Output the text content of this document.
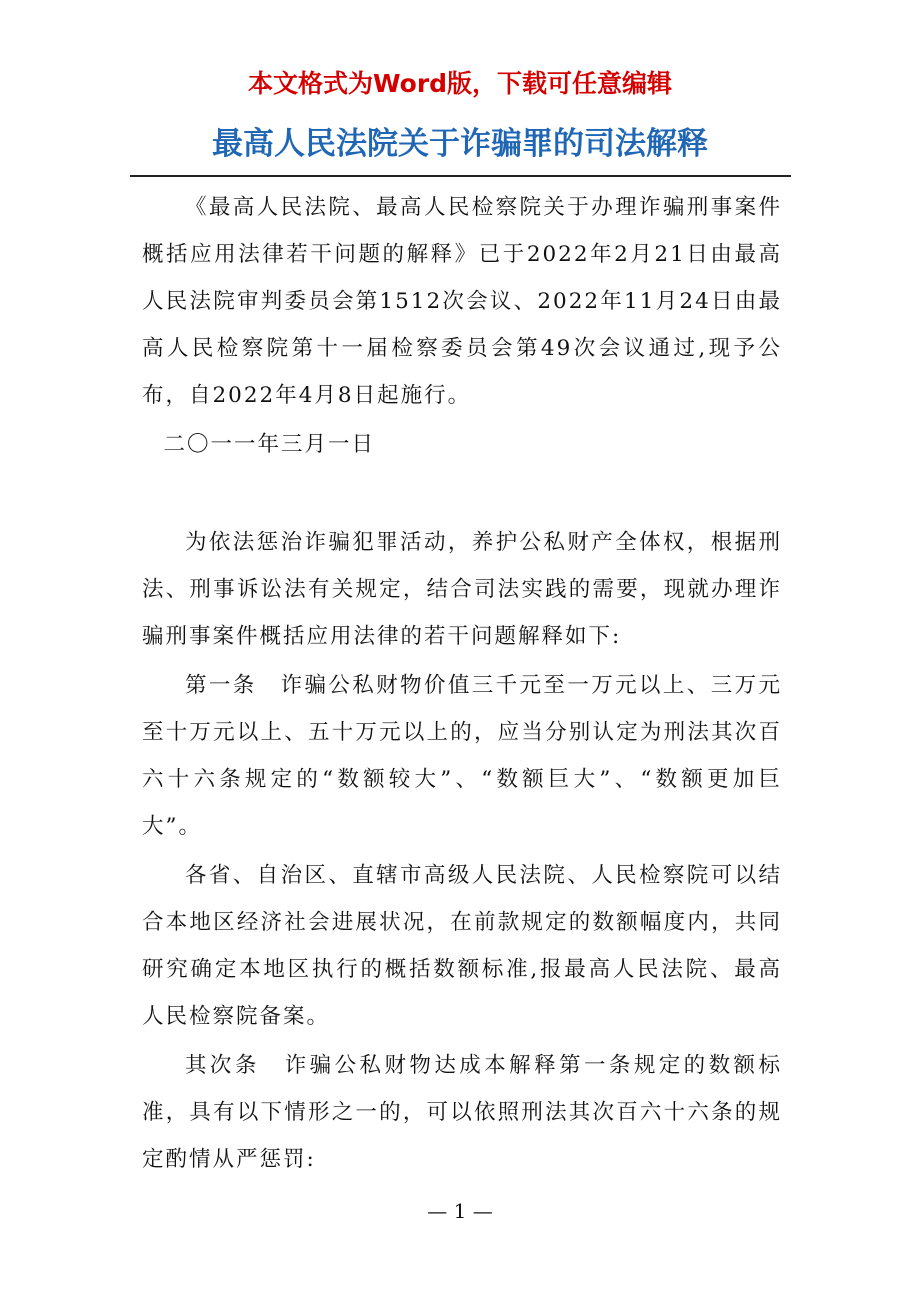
本文格式为Word版，下载可任意编辑
最高人民法院关于诈骗罪的司法解释

《最高人民法院、最高人民检察院关于办理诈骗刑事案件概括应用法律若干问题的解释》已于2022年2月21日由最高人民法院审判委员会第1512次会议、2022年11月24日由最高人民检察院第十一届检察委员会第49次会议通过,现予公布，自2022年4月8日起施行。

二〇一一年三月一日

为依法惩治诈骗犯罪活动，养护公私财产全体权，根据刑法、刑事诉讼法有关规定，结合司法实践的需要，现就办理诈骗刑事案件概括应用法律的若干问题解释如下:

第一条　诈骗公私财物价值三千元至一万元以上、三万元至十万元以上、五十万元以上的，应当分别认定为刑法其次百六十六条规定的“数额较大”、“数额巨大”、“数额更加巨大”。

各省、自治区、直辖市高级人民法院、人民检察院可以结合本地区经济社会进展状况，在前款规定的数额幅度内，共同研究确定本地区执行的概括数额标准,报最高人民法院、最高人民检察院备案。

其次条　诈骗公私财物达成本解释第一条规定的数额标准，具有以下情形之一的，可以依照刑法其次百六十六条的规定酌情从严惩罚:

— 1 —
